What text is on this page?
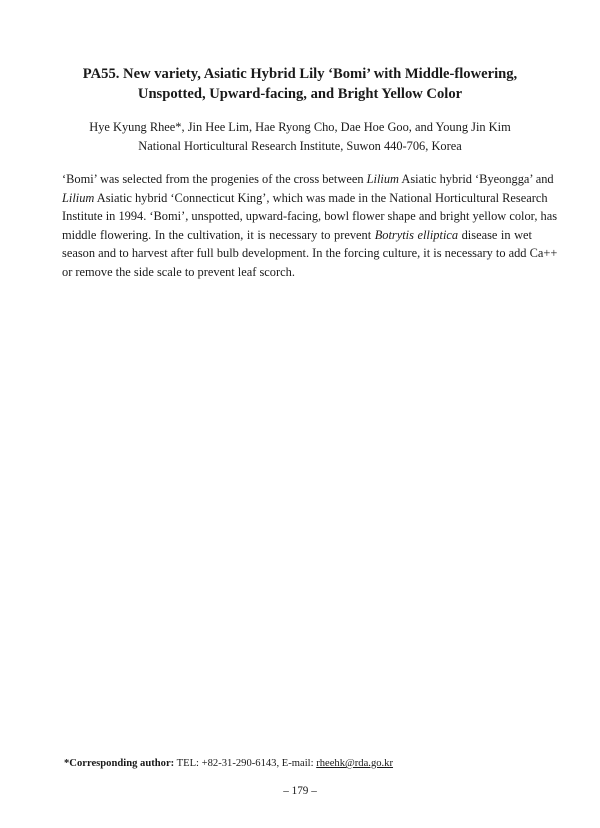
PA55. New variety, Asiatic Hybrid Lily ‘Bomi’ with Middle-flowering,
Unspotted, Upward-facing, and Bright Yellow Color
Hye Kyung Rhee*, Jin Hee Lim, Hae Ryong Cho, Dae Hoe Goo, and Young Jin Kim
National Horticultural Research Institute, Suwon 440-706, Korea
‘Bomi’ was selected from the progenies of the cross between Lilium Asiatic hybrid ‘Byeongga’ and
Lilium Asiatic hybrid ‘Connecticut King’, which was made in the National Horticultural Research
Institute in 1994. ‘Bomi’, unspotted, upward-facing, bowl flower shape and bright yellow color, has
middle flowering. In the cultivation, it is necessary to prevent Botrytis elliptica disease in wet
season and to harvest after full bulb development. In the forcing culture, it is necessary to add Ca++
or remove the side scale to prevent leaf scorch.
*Corresponding author: TEL: +82-31-290-6143, E-mail: rheehk@rda.go.kr
– 179 –
